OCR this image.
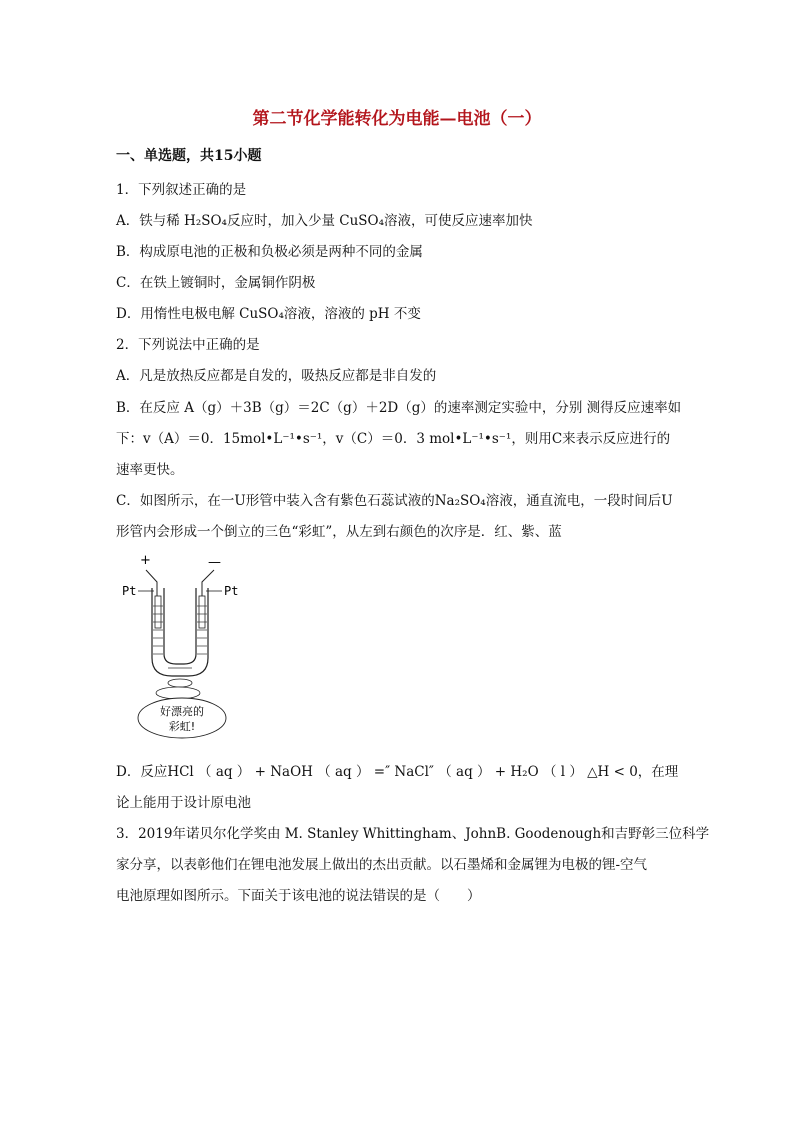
第二节化学能转化为电能—电池（一）
一、单选题，共15小题
1．下列叙述正确的是
A．铁与稀 H₂SO₄反应时，加入少量 CuSO₄溶液，可使反应速率加快
B．构成原电池的正极和负极必须是两种不同的金属
C．在铁上镀铜时，金属铜作阴极
D．用惰性电极电解 CuSO₄溶液，溶液的 pH 不变
2．下列说法中正确的是
A．凡是放热反应都是自发的，吸热反应都是非自发的
B．在反应 A（g）＋3B（g）＝2C（g）＋2D（g）的速率测定实验中，分别 测得反应速率如
下：v（A）＝0．15mol•L⁻¹•s⁻¹，v（C）＝0．3 mol•L⁻¹•s⁻¹，则用C来表示反应进行的
速率更快。
C．如图所示，在一U形管中装入含有紫色石蕊试液的Na₂SO₄溶液，通直流电，一段时间后U
形管内会形成一个倒立的三色“彩虹”，从左到右颜色的次序是．红、紫、蓝
+	—
Pt	Pt
好漂亮的
彩虹!
D．反应HCl （ aq ） + NaOH （ aq ） =″ NaCl″ （ aq ） + H₂O （ l ） △H < 0，在理
论上能用于设计原电池
3．2019年诺贝尔化学奖由 M. Stanley Whittingham、JohnB. Goodenough和吉野彰三位科学
家分享，以表彰他们在锂电池发展上做出的杰出贡献。以石墨烯和金属锂为电极的锂-空气
电池原理如图所示。下面关于该电池的说法错误的是（　　）
